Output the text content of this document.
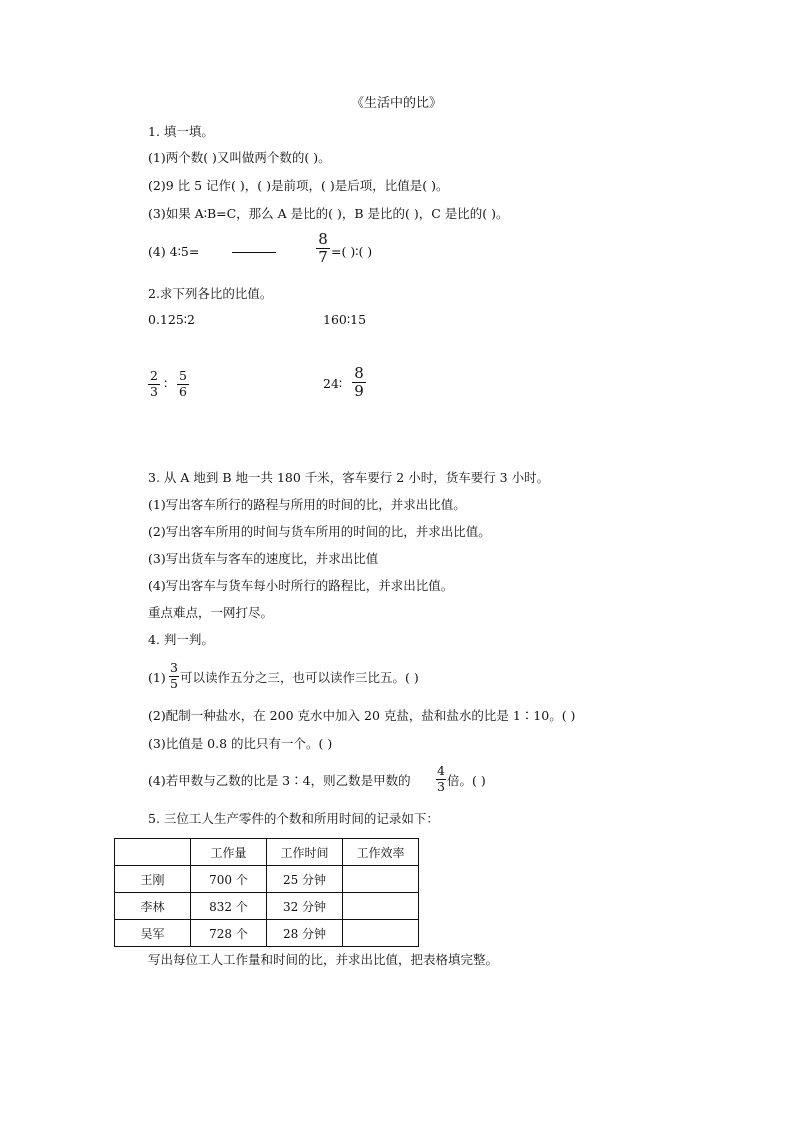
《生活中的比》
1. 填一填。
(1)两个数( )又叫做两个数的( )。
(2)9 比 5 记作( )，( )是前项，( )是后项，比值是( )。
(3)如果 A∶B=C，那么 A 是比的( )，B 是比的( )，C 是比的( )。
(4) 4∶5=
8
7 =( )∶( )
2.求下列各比的比值。
0.125∶2	160∶15
2
3 ∶
5
6	24∶
8
9
3. 从 A 地到 B 地一共 180 千米，客车要行 2 小时，货车要行 3 小时。
(1)写出客车所行的路程与所用的时间的比，并求出比值。
(2)写出客车所用的时间与货车所用的时间的比，并求出比值。
(3)写出货车与客车的速度比，并求出比值
(4)写出客车与货车每小时所行的路程比，并求出比值。
重点难点，一网打尽。
4. 判一判。
(1)
3
5 可以读作五分之三，也可以读作三比五。( )
(2)配制一种盐水，在 200 克水中加入 20 克盐，盐和盐水的比是 1∶10。( )
(3)比值是 0.8 的比只有一个。( )
(4)若甲数与乙数的比是 3∶4，则乙数是甲数的
4
3 倍。( )
5. 三位工人生产零件的个数和所用时间的记录如下：
	工作量	工作时间	工作效率
王刚	700 个	25 分钟	
李林	832 个	32 分钟	
吴军	728 个	28 分钟	
写出每位工人工作量和时间的比，并求出比值，把表格填完整。
